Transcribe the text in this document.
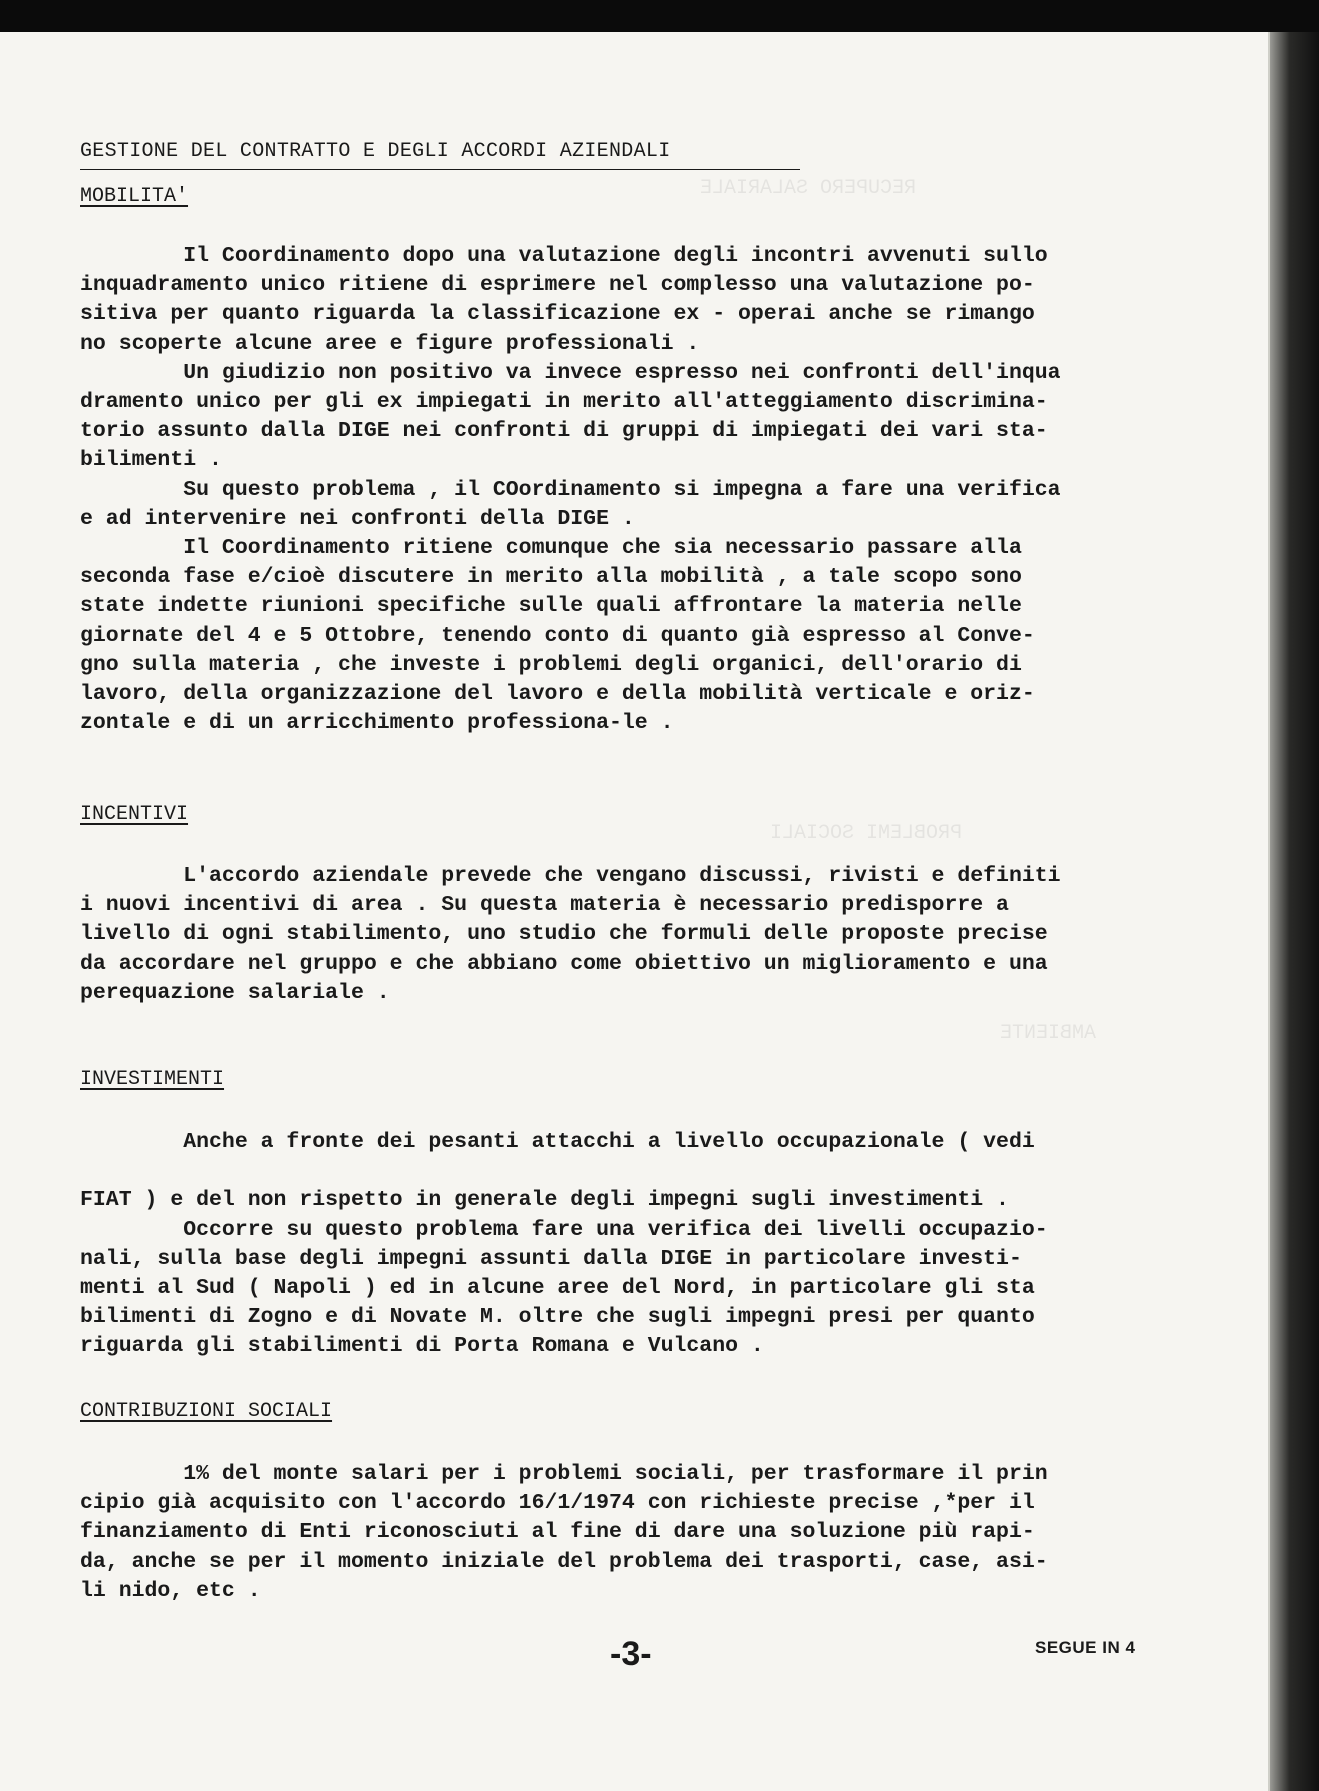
RECUPERO SALARIALE
PROBLEMI SOCIALI
AMBIENTE
GESTIONE DEL CONTRATTO E DEGLI ACCORDI AZIENDALI
MOBILITA'
Il Coordinamento dopo una valutazione degli incontri avvenuti sullo
inquadramento unico ritiene di esprimere nel complesso una valutazione po-
sitiva per quanto riguarda la classificazione ex - operai anche se rimango
no scoperte alcune aree e figure professionali .
Un giudizio non positivo va invece espresso nei confronti dell'inqua
dramento unico per gli ex impiegati in merito all'atteggiamento discrimina-
torio assunto dalla DIGE nei confronti di gruppi di impiegati dei vari sta-
bilimenti .
Su questo problema , il COordinamento si impegna a fare una verifica
e ad intervenire nei confronti della DIGE .
Il Coordinamento ritiene comunque che sia necessario passare alla
seconda fase e/cioè discutere in merito alla mobilità , a tale scopo sono
state indette riunioni specifiche sulle quali affrontare la materia nelle
giornate del 4 e 5 Ottobre, tenendo conto di quanto già espresso al Conve-
gno sulla materia , che investe i problemi degli organici, dell'orario di
lavoro, della organizzazione del lavoro e della mobilità verticale e oriz-
zontale e di un arricchimento professiona-le .
INCENTIVI
L'accordo aziendale prevede che vengano discussi, rivisti e definiti
i nuovi incentivi di area . Su questa materia è necessario predisporre a
livello di ogni stabilimento, uno studio che formuli delle proposte precise
da accordare nel gruppo e che abbiano come obiettivo un miglioramento e una
perequazione salariale .
INVESTIMENTI
Anche a fronte dei pesanti attacchi a livello occupazionale ( vedi

FIAT ) e del non rispetto in generale degli impegni sugli investimenti .
Occorre su questo problema fare una verifica dei livelli occupazio-
nali, sulla base degli impegni assunti dalla DIGE in particolare investi-
menti al Sud ( Napoli ) ed in alcune aree del Nord, in particolare gli sta
bilimenti di Zogno e di Novate M. oltre che sugli impegni presi per quanto
riguarda gli stabilimenti di Porta Romana e Vulcano .
CONTRIBUZIONI SOCIALI
1% del monte salari per i problemi sociali, per trasformare il prin
cipio già acquisito con l'accordo 16/1/1974 con richieste precise ,*per il
finanziamento di Enti riconosciuti al fine di dare una soluzione più rapi-
da, anche se per il momento iniziale del problema dei trasporti, case, asi-
li nido, etc .
-3-	SEGUE IN 4
